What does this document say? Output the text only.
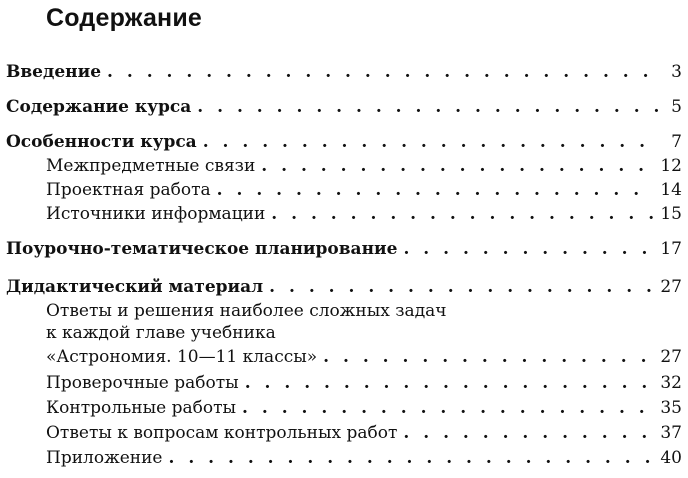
Содержание
Введение . . .	3
Содержание курса . . .	5
Особенности курса . . .	7
Межпредметные связи . . .	12
Проектная работа . . .	14
Источники информации . . .	15
Поурочно-тематическое планирование . . .	17
Дидактический материал . . .	27
Ответы и решения наиболее сложных задач
к каждой главе учебника
«Астрономия. 10—11 классы» . . .	27
Проверочные работы . . .	32
Контрольные работы . . .	35
Ответы к вопросам контрольных работ . . .	37
Приложение . . .	40
